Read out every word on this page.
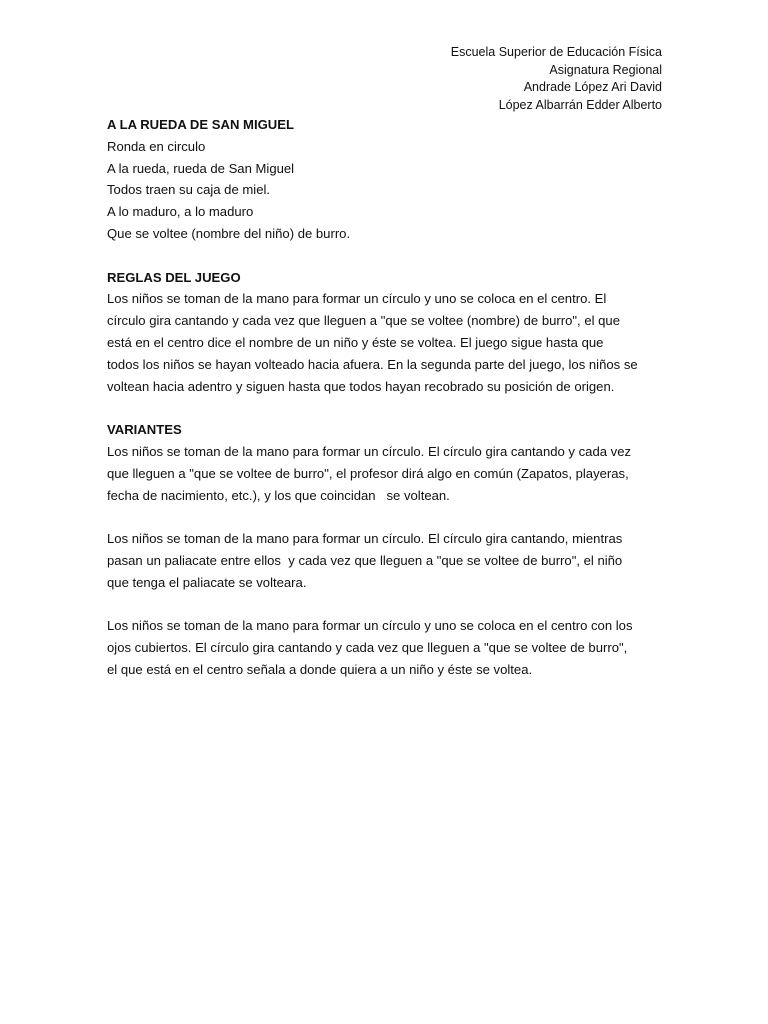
Escuela Superior de Educación Física
Asignatura Regional
Andrade López Ari David
López Albarrán Edder Alberto

A LA RUEDA DE SAN MIGUEL

Ronda en circulo

A la rueda, rueda de San Miguel

Todos traen su caja de miel.

A lo maduro, a lo maduro

Que se voltee (nombre del niño) de burro.

REGLAS DEL JUEGO

Los niños se toman de la mano para formar un círculo y uno se coloca en el centro. El

círculo gira cantando y cada vez que lleguen a "que se voltee (nombre) de burro", el que

está en el centro dice el nombre de un niño y éste se voltea. El juego sigue hasta que

todos los niños se hayan volteado hacia afuera. En la segunda parte del juego, los niños se

voltean hacia adentro y siguen hasta que todos hayan recobrado su posición de origen.

VARIANTES

Los niños se toman de la mano para formar un círculo. El círculo gira cantando y cada vez

que lleguen a "que se voltee de burro", el profesor dirá algo en común (Zapatos, playeras,

fecha de nacimiento, etc.), y los que coincidan   se voltean.

Los niños se toman de la mano para formar un círculo. El círculo gira cantando, mientras

pasan un paliacate entre ellos  y cada vez que lleguen a "que se voltee de burro", el niño

que tenga el paliacate se volteara.

Los niños se toman de la mano para formar un círculo y uno se coloca en el centro con los

ojos cubiertos. El círculo gira cantando y cada vez que lleguen a "que se voltee de burro",

el que está en el centro señala a donde quiera a un niño y éste se voltea.
